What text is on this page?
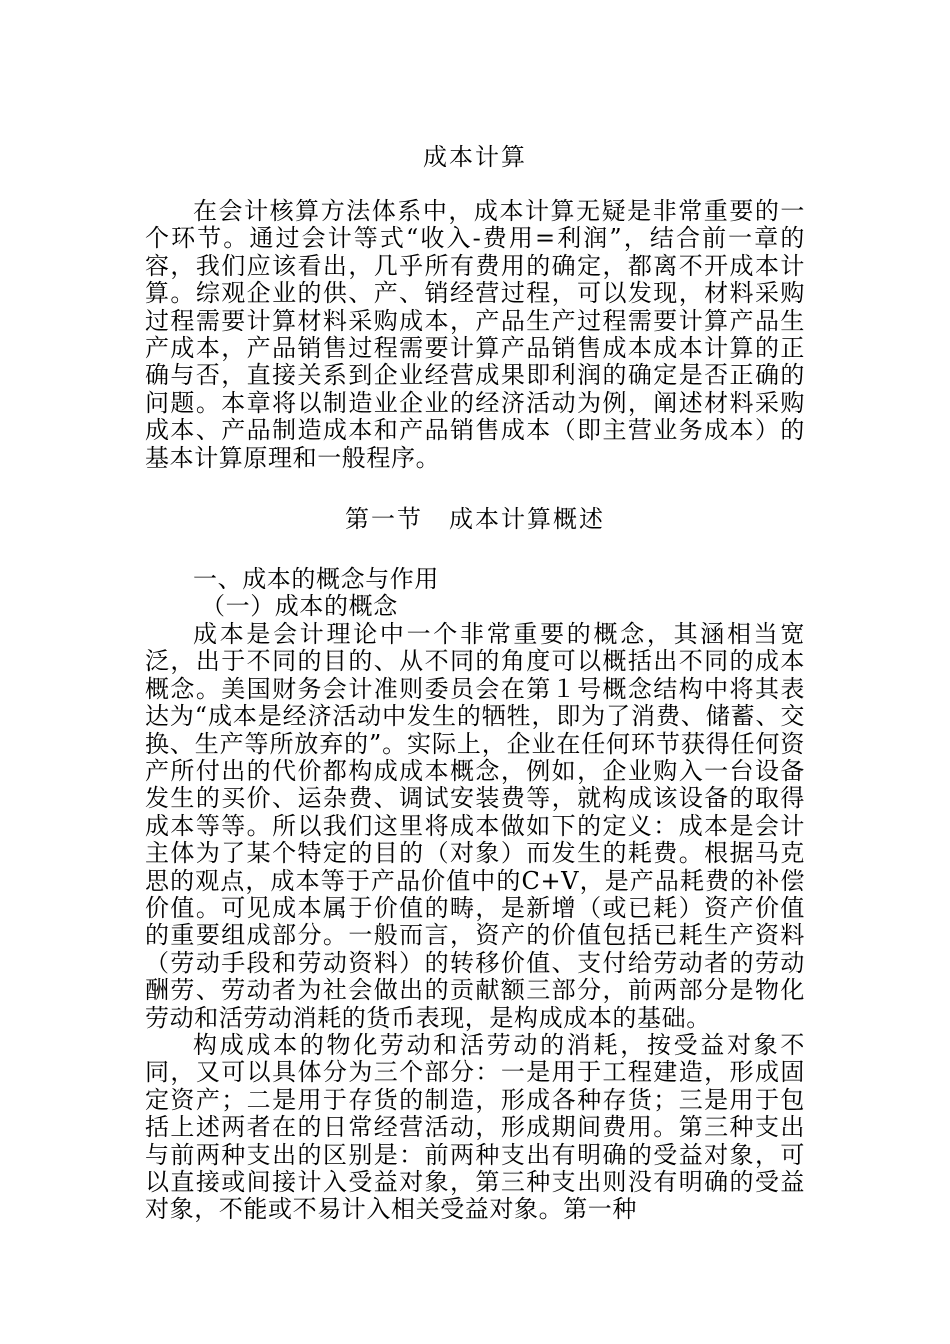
成本计算

在会计核算方法体系中，成本计算无疑是非常重要的一个环节。通过会计等式“收入-费用=利润”，结合前一章的容，我们应该看出，几乎所有费用的确定，都离不开成本计算。综观企业的供、产、销经营过程，可以发现，材料采购过程需要计算材料采购成本，产品生产过程需要计算产品生产成本，产品销售过程需要计算产品销售成本成本计算的正确与否，直接关系到企业经营成果即利润的确定是否正确的问题。本章将以制造业企业的经济活动为例，阐述材料采购成本、产品制造成本和产品销售成本（即主营业务成本）的基本计算原理和一般程序。

第一节　成本计算概述

一、成本的概念与作用

（一）成本的概念

成本是会计理论中一个非常重要的概念，其涵相当宽泛，出于不同的目的、从不同的角度可以概括出不同的成本概念。美国财务会计准则委员会在第１号概念结构中将其表达为“成本是经济活动中发生的牺牲，即为了消费、储蓄、交换、生产等所放弃的”。实际上，企业在任何环节获得任何资产所付出的代价都构成成本概念，例如，企业购入一台设备发生的买价、运杂费、调试安装费等，就构成该设备的取得成本等等。所以我们这里将成本做如下的定义：成本是会计主体为了某个特定的目的（对象）而发生的耗费。根据马克思的观点，成本等于产品价值中的C+V，是产品耗费的补偿价值。可见成本属于价值的畴，是新增（或已耗）资产价值的重要组成部分。一般而言，资产的价值包括已耗生产资料（劳动手段和劳动资料）的转移价值、支付给劳动者的劳动酬劳、劳动者为社会做出的贡献额三部分，前两部分是物化劳动和活劳动消耗的货币表现，是构成成本的基础。

构成成本的物化劳动和活劳动的消耗，按受益对象不同，又可以具体分为三个部分：一是用于工程建造，形成固定资产；二是用于存货的制造，形成各种存货；三是用于包括上述两者在的日常经营活动，形成期间费用。第三种支出与前两种支出的区别是：前两种支出有明确的受益对象，可以直接或间接计入受益对象，第三种支出则没有明确的受益对象，不能或不易计入相关受益对象。第一种
